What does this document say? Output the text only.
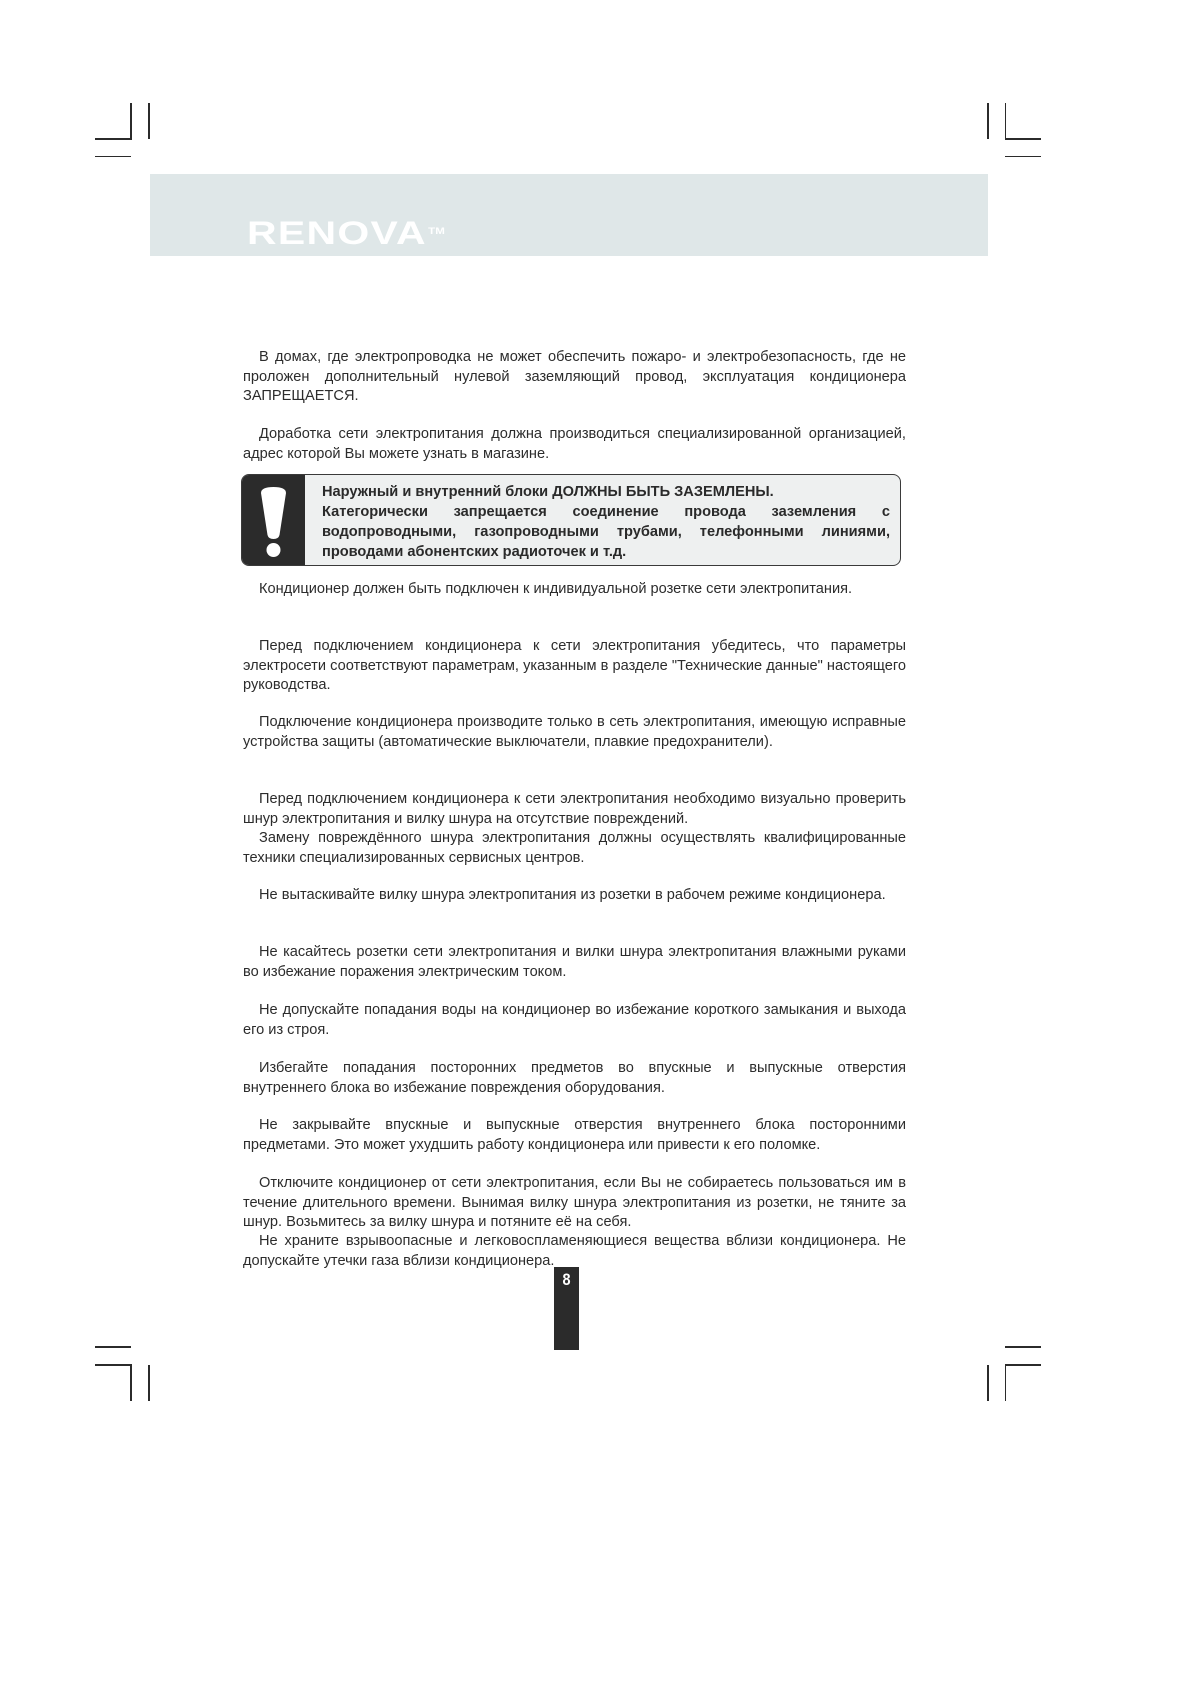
RENOVA™

В домах, где электропроводка не может обеспечить пожаро- и электробезопасность, где не проложен дополнительный нулевой заземляющий провод, эксплуатация кондиционера ЗАПРЕЩАЕТСЯ.

Доработка сети электропитания должна производиться специализированной организацией, адрес которой Вы можете узнать в магазине.

Наружный и внутренний блоки ДОЛЖНЫ БЫТЬ ЗАЗЕМЛЕНЫ.
Категорически запрещается соединение провода заземления с водопроводными, газопроводными трубами, телефонными линиями, проводами абонентских радиоточек и т.д.

Кондиционер должен быть подключен к индивидуальной розетке сети электропитания.

Перед подключением кондиционера к сети электропитания убедитесь, что параметры электросети соответствуют параметрам, указанным в разделе "Технические данные" настоящего руководства.

Подключение кондиционера производите только в сеть электропитания, имеющую исправные устройства защиты (автоматические выключатели, плавкие предохранители).

Перед подключением кондиционера к сети электропитания необходимо визуально проверить шнур электропитания и вилку шнура на отсутствие повреждений.

Замену повреждённого шнура электропитания должны осуществлять квалифицированные техники специализированных сервисных центров.

Не вытаскивайте вилку шнура электропитания из розетки в рабочем режиме кондиционера.

Не касайтесь розетки сети электропитания и вилки шнура электропитания влажными руками во избежание поражения электрическим током.

Не допускайте попадания воды на кондиционер во избежание короткого замыкания и выхода его из строя.

Избегайте попадания посторонних предметов во впускные и выпускные отверстия внутреннего блока во избежание повреждения оборудования.

Не закрывайте впускные и выпускные отверстия внутреннего блока посторонними предметами. Это может ухудшить работу кондиционера или привести к его поломке.

Отключите кондиционер от сети электропитания, если Вы не собираетесь пользоваться им в течение длительного времени. Вынимая вилку шнура электропитания из розетки, не тяните за шнур. Возьмитесь за вилку шнура и потяните её на себя.

Не храните взрывоопасные и легковоспламеняющиеся вещества вблизи кондиционера. Не допускайте утечки газа вблизи кондиционера.

8
